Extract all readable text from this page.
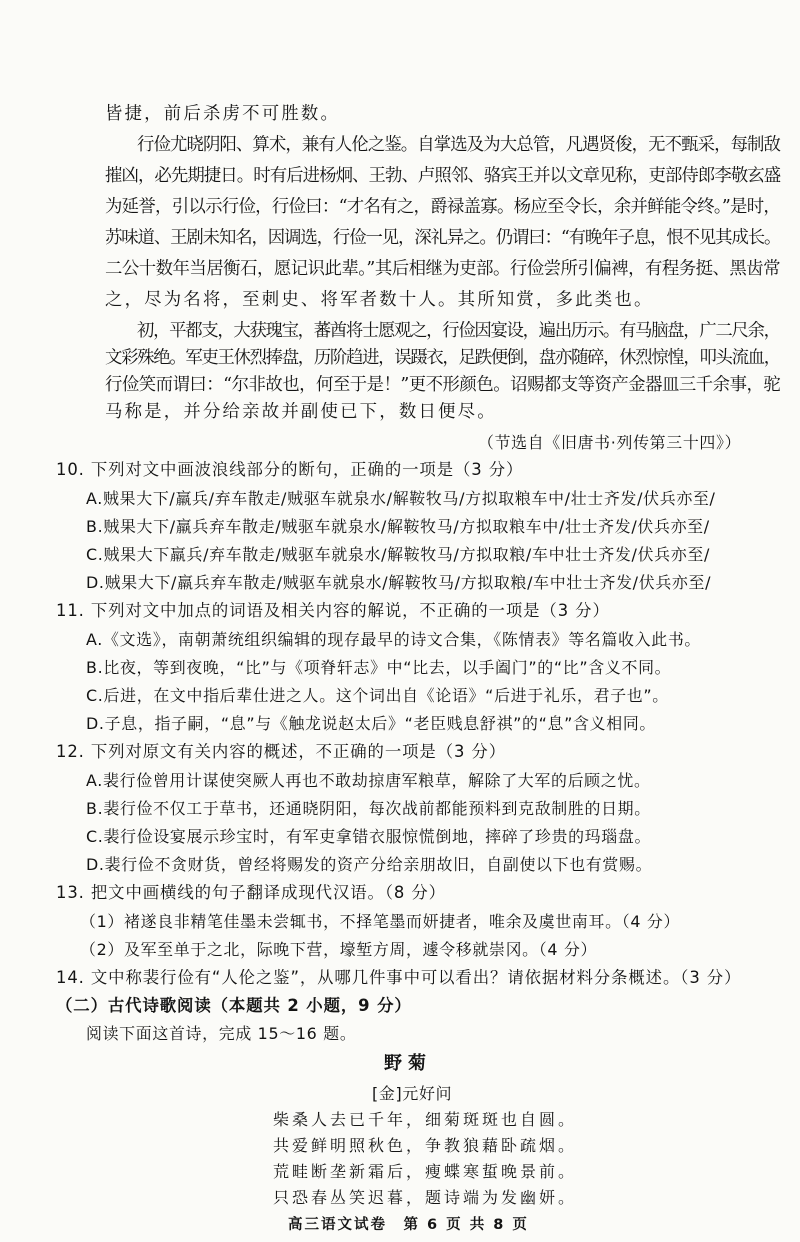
皆捷，前后杀虏不可胜数。
行俭尤晓阴阳、算术，兼有人伦之鉴。自掌选及为大总管，凡遇贤俊，无不甄采，每制敌
摧凶，必先期捷日。时有后进杨炯、王勃、卢照邻、骆宾王并以文章见称，吏部侍郎李敬玄盛
为延誉，引以示行俭，行俭曰：“才名有之，爵禄盖寡。杨应至令长，余并鲜能令终。”是时，
苏味道、王剧未知名，因调选，行俭一见，深礼异之。仍谓曰：“有晚年子息，恨不见其成长。
二公十数年当居衡石，愿记识此辈。”其后相继为吏部。行俭尝所引偏裨，有程务挺、黑齿常
之，尽为名将，至刺史、将军者数十人。其所知赏，多此类也。
初，平都支，大获瑰宝，蕃酋将士愿观之，行俭因宴设，遍出历示。有马脑盘，广二尺余，
文彩殊绝。军吏王休烈捧盘，历阶趋进，误蹑衣，足跌便倒，盘亦随碎，休烈惊惶，叩头流血，
行俭笑而谓曰：“尔非故也，何至于是！”更不形颜色。诏赐都支等资产金器皿三千余事，驼
马称是，并分给亲故并副使已下，数日便尽。
（节选自《旧唐书·列传第三十四》）
10. 下列对文中画波浪线部分的断句，正确的一项是（3 分）
A.贼果大下/羸兵/弃车散走/贼驱车就泉水/解鞍牧马/方拟取粮车中/壮士齐发/伏兵亦至/
B.贼果大下/羸兵弃车散走/贼驱车就泉水/解鞍牧马/方拟取粮车中/壮士齐发/伏兵亦至/
C.贼果大下羸兵/弃车散走/贼驱车就泉水/解鞍牧马/方拟取粮/车中壮士齐发/伏兵亦至/
D.贼果大下/羸兵弃车散走/贼驱车就泉水/解鞍牧马/方拟取粮/车中壮士齐发/伏兵亦至/
11. 下列对文中加点的词语及相关内容的解说，不正确的一项是（3 分）
A.《文选》，南朝萧统组织编辑的现存最早的诗文合集，《陈情表》等名篇收入此书。
B.比夜，等到夜晚，“比”与《项脊轩志》中“比去，以手阖门”的“比”含义不同。
C.后进，在文中指后辈仕进之人。这个词出自《论语》“后进于礼乐，君子也”。
D.子息，指子嗣，“息”与《触龙说赵太后》“老臣贱息舒祺”的“息”含义相同。
12. 下列对原文有关内容的概述，不正确的一项是（3 分）
A.裴行俭曾用计谋使突厥人再也不敢劫掠唐军粮草，解除了大军的后顾之忧。
B.裴行俭不仅工于草书，还通晓阴阳，每次战前都能预料到克敌制胜的日期。
C.裴行俭设宴展示珍宝时，有军吏拿错衣服惊慌倒地，摔碎了珍贵的玛瑙盘。
D.裴行俭不贪财货，曾经将赐发的资产分给亲朋故旧，自副使以下也有赏赐。
13. 把文中画横线的句子翻译成现代汉语。（8 分）
（1）褚遂良非精笔佳墨未尝辄书，不择笔墨而妍捷者，唯余及虞世南耳。（4 分）
（2）及军至单于之北，际晚下营，壕堑方周，遽令移就崇冈。（4 分）
14. 文中称裴行俭有“人伦之鉴”，从哪几件事中可以看出？请依据材料分条概述。（3 分）
（二）古代诗歌阅读（本题共 2 小题，9 分）
阅读下面这首诗，完成 15～16 题。
野菊
[金]元好问
柴桑人去已千年，细菊斑斑也自圆。
共爱鲜明照秋色，争教狼藉卧疏烟。
荒畦断垄新霜后，瘦蝶寒蜇晚景前。
只恐春丛笑迟暮，题诗端为发幽妍。
高三语文试卷　第 6 页 共 8 页
